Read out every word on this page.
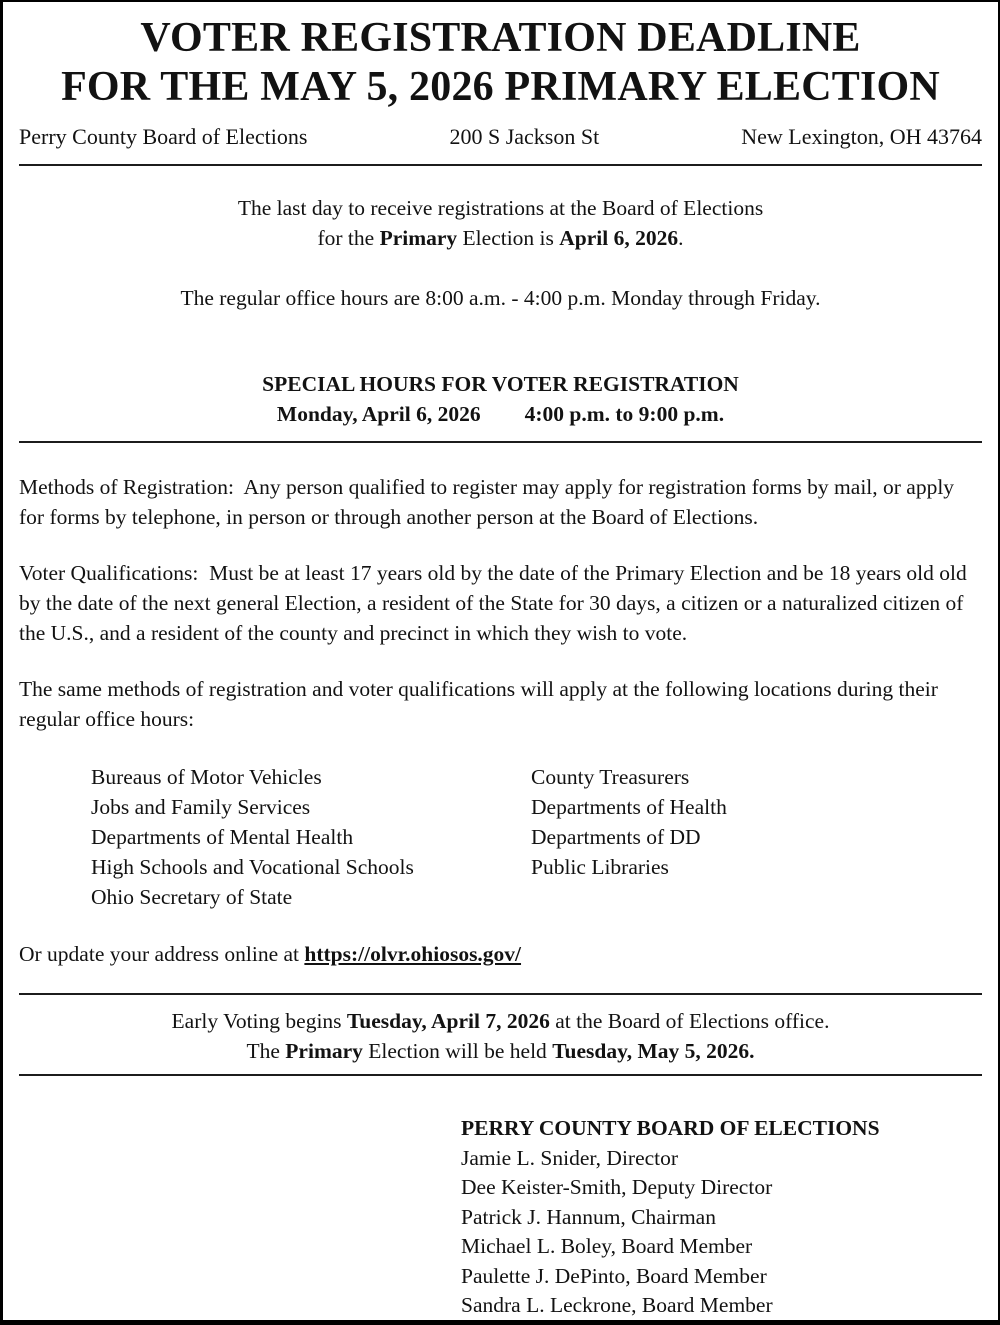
VOTER REGISTRATION DEADLINE
FOR THE MAY 5, 2026 PRIMARY ELECTION
Perry County Board of Elections	200 S Jackson St	New Lexington, OH 43764
The last day to receive registrations at the Board of Elections
for the Primary Election is April 6, 2026.
The regular office hours are 8:00 a.m. - 4:00 p.m. Monday through Friday.
SPECIAL HOURS FOR VOTER REGISTRATION
Monday, April 6, 2026 4:00 p.m. to 9:00 p.m.
Methods of Registration:  Any person qualified to register may apply for registration forms by mail, or apply for forms by telephone, in person or through another person at the Board of Elections.
Voter Qualifications:  Must be at least 17 years old by the date of the Primary Election and be 18 years old old by the date of the next general Election, a resident of the State for 30 days, a citizen or a naturalized citizen of the U.S., and a resident of the county and precinct in which they wish to vote.
The same methods of registration and voter qualifications will apply at the following locations during their regular office hours:
Bureaus of Motor Vehicles
Jobs and Family Services
Departments of Mental Health
High Schools and Vocational Schools
Ohio Secretary of State
County Treasurers
Departments of Health
Departments of DD
Public Libraries
Or update your address online at https://olvr.ohiosos.gov/
Early Voting begins Tuesday, April 7, 2026 at the Board of Elections office.
The Primary Election will be held Tuesday, May 5, 2026.
PERRY COUNTY BOARD OF ELECTIONS
Jamie L. Snider, Director
Dee Keister-Smith, Deputy Director
Patrick J. Hannum, Chairman
Michael L. Boley, Board Member
Paulette J. DePinto, Board Member
Sandra L. Leckrone, Board Member
